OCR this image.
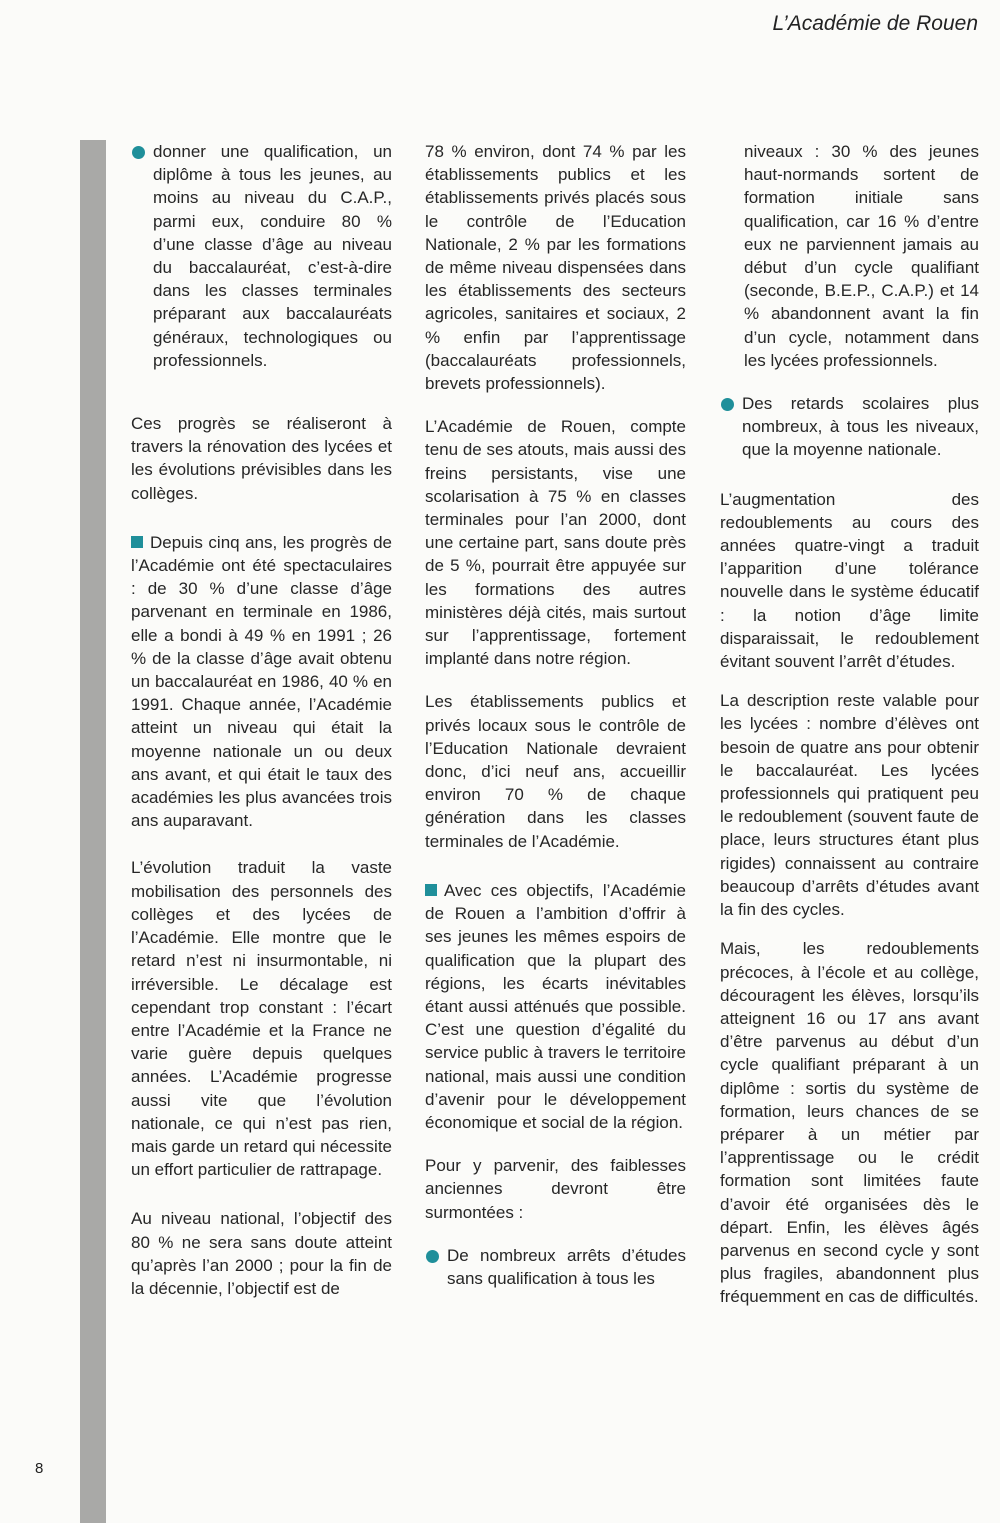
L’Académie de Rouen

donner une qualification, un diplôme à tous les jeunes, au moins au niveau du C.A.P., parmi eux, conduire 80 % d’une classe d’âge au niveau du baccalauréat, c’est-à-dire dans les classes terminales préparant aux baccalauréats généraux, technologiques ou professionnels.

Ces progrès se réaliseront à travers la rénovation des lycées et les évolutions prévisibles dans les collèges.

Depuis cinq ans, les progrès de l’Académie ont été spectaculaires : de 30 % d’une classe d’âge parvenant en terminale en 1986, elle a bondi à 49 % en 1991 ; 26 % de la classe d’âge avait obtenu un baccalauréat en 1986, 40 % en 1991. Chaque année, l’Académie atteint un niveau qui était la moyenne nationale un ou deux ans avant, et qui était le taux des académies les plus avancées trois ans auparavant.

L’évolution traduit la vaste mobilisation des personnels des collèges et des lycées de l’Académie. Elle montre que le retard n’est ni insurmontable, ni irréversible. Le décalage est cependant trop constant : l’écart entre l’Académie et la France ne varie guère depuis quelques années. L’Académie progresse aussi vite que l’évolution nationale, ce qui n’est pas rien, mais garde un retard qui nécessite un effort particulier de rattrapage.

Au niveau national, l’objectif des 80 % ne sera sans doute atteint qu’après l’an 2000 ; pour la fin de la décennie, l’objectif est de

78 % environ, dont 74 % par les établissements publics et les établissements privés placés sous le contrôle de l’Education Nationale, 2 % par les formations de même niveau dispensées dans les établissements des secteurs agricoles, sanitaires et sociaux, 2 % enfin par l’apprentissage (baccalauréats professionnels, brevets professionnels).

L’Académie de Rouen, compte tenu de ses atouts, mais aussi des freins persistants, vise une scolarisation à 75 % en classes terminales pour l’an 2000, dont une certaine part, sans doute près de 5 %, pourrait être appuyée sur les formations des autres ministères déjà cités, mais surtout sur l’apprentissage, fortement implanté dans notre région.

Les établissements publics et privés locaux sous le contrôle de l’Education Nationale devraient donc, d’ici neuf ans, accueillir environ 70 % de chaque génération dans les classes terminales de l’Académie.

Avec ces objectifs, l’Académie de Rouen a l’ambition d’offrir à ses jeunes les mêmes espoirs de qualification que la plupart des régions, les écarts inévitables étant aussi atténués que possible. C’est une question d’égalité du service public à travers le territoire national, mais aussi une condition d’avenir pour le développement économique et social de la région.

Pour y parvenir, des faiblesses anciennes devront être surmontées :

De nombreux arrêts d’études sans qualification à tous les

niveaux : 30 % des jeunes haut-normands sortent de formation initiale sans qualification, car 16 % d’entre eux ne parviennent jamais au début d’un cycle qualifiant (seconde, B.E.P., C.A.P.) et 14 % abandonnent avant la fin d’un cycle, notamment dans les lycées professionnels.

Des retards scolaires plus nombreux, à tous les niveaux, que la moyenne nationale.

L’augmentation des redoublements au cours des années quatre-vingt a traduit l’apparition d’une tolérance nouvelle dans le système éducatif : la notion d’âge limite disparaissait, le redoublement évitant souvent l’arrêt d’études.

La description reste valable pour les lycées : nombre d’élèves ont besoin de quatre ans pour obtenir le baccalauréat. Les lycées professionnels qui pratiquent peu le redoublement (souvent faute de place, leurs structures étant plus rigides) connaissent au contraire beaucoup d’arrêts d’études avant la fin des cycles.

Mais, les redoublements précoces, à l’école et au collège, découragent les élèves, lorsqu’ils atteignent 16 ou 17 ans avant d’être parvenus au début d’un cycle qualifiant préparant à un diplôme : sortis du système de formation, leurs chances de se préparer à un métier par l’apprentissage ou le crédit formation sont limitées faute d’avoir été organisées dès le départ. Enfin, les élèves âgés parvenus en second cycle y sont plus fragiles, abandonnent plus fréquemment en cas de difficultés.

8
